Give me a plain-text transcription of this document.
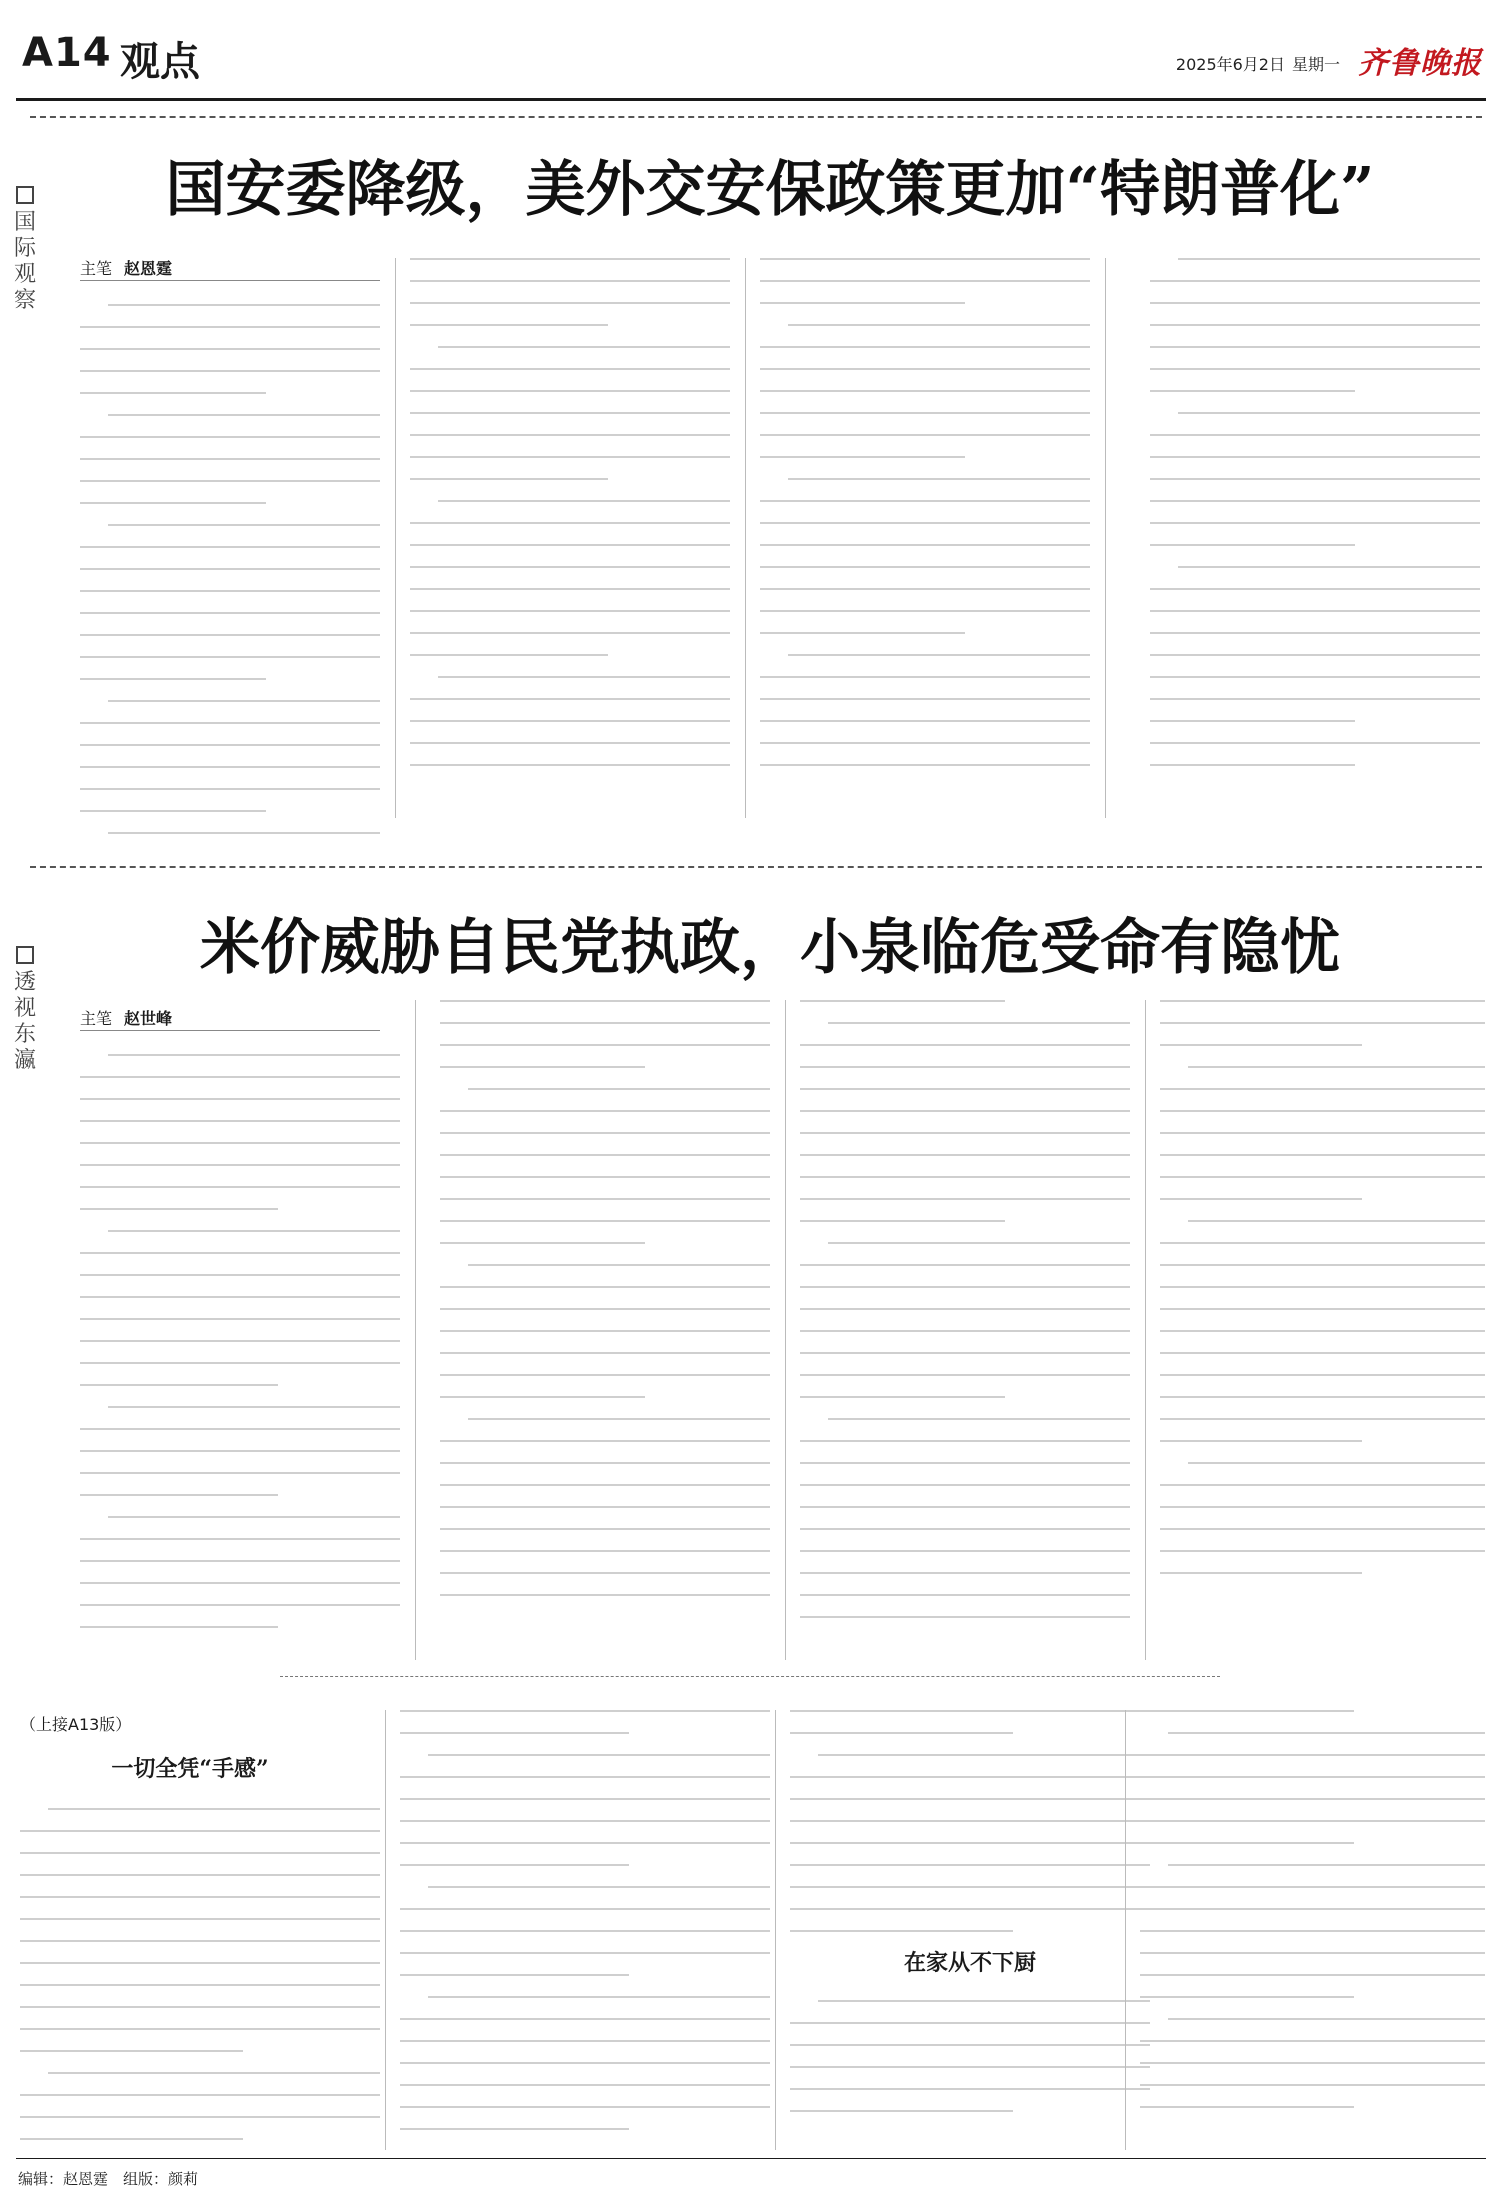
A14 观点	2025年6月2日 星期一 齐鲁晚报
国际观察
国安委降级，美外交安保政策更加“特朗普化”
主笔 赵恩霆
透视东瀛
米价威胁自民党执政，小泉临危受命有隐忧
主笔 赵世峰
（上接A13版）
一切全凭“手感”
在家从不下厨
编辑：赵恩霆　组版：颜莉
